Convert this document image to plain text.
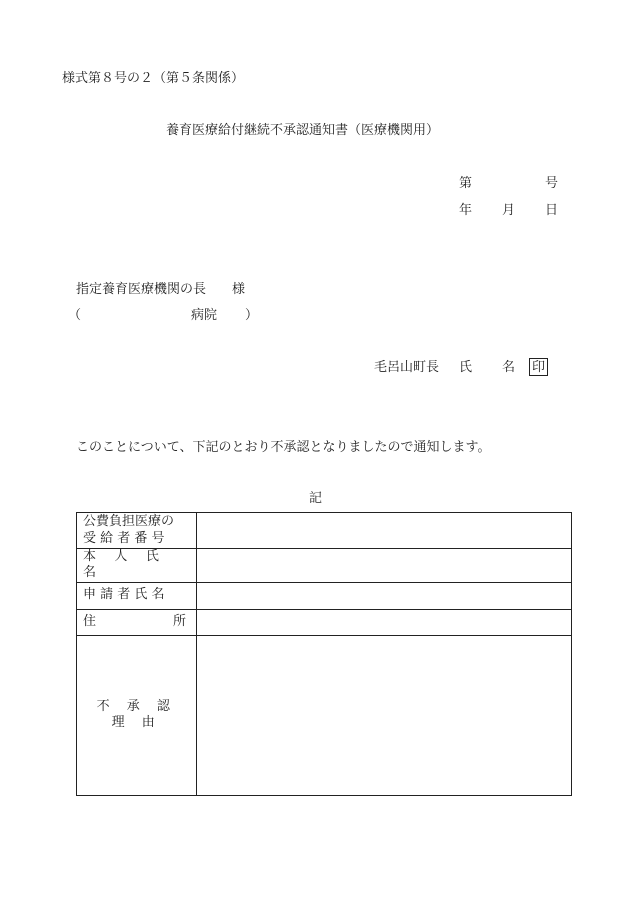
様式第８号の２（第５条関係）
養育医療給付継続不承認通知書（医療機関用）
第	号
年 月 日
指定養育医療機関の長 様
（	病院 ）
毛呂山町長 氏 名 印
このことについて、下記のとおり不承認となりましたので通知します。
記
公費負担医療の
受 給 者 番 号	

本 人 氏 名	
申 請 者 氏 名	

住 所	

不 承 認 理 由	
